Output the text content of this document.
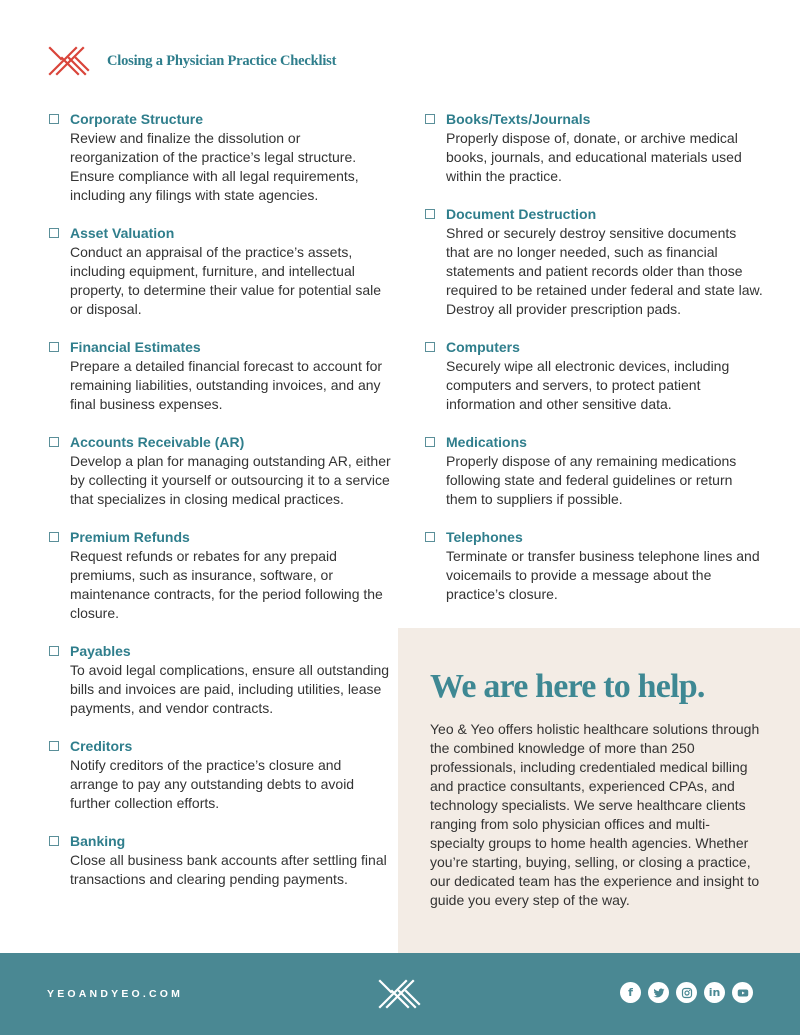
Closing a Physician Practice Checklist
Corporate Structure
Review and finalize the dissolution or reorganization of the practice’s legal structure. Ensure compliance with all legal requirements, including any filings with state agencies.
Asset Valuation
Conduct an appraisal of the practice’s assets, including equipment, furniture, and intellectual property, to determine their value for potential sale or disposal.
Financial Estimates
Prepare a detailed financial forecast to account for remaining liabilities, outstanding invoices, and any final business expenses.
Accounts Receivable (AR)
Develop a plan for managing outstanding AR, either by collecting it yourself or outsourcing it to a service that specializes in closing medical practices.
Premium Refunds
Request refunds or rebates for any prepaid premiums, such as insurance, software, or maintenance contracts, for the period following the closure.
Payables
To avoid legal complications, ensure all outstanding bills and invoices are paid, including utilities, lease payments, and vendor contracts.
Creditors
Notify creditors of the practice’s closure and arrange to pay any outstanding debts to avoid further collection efforts.
Banking
Close all business bank accounts after settling final transactions and clearing pending payments.
Books/Texts/Journals
Properly dispose of, donate, or archive medical books, journals, and educational materials used within the practice.
Document Destruction
Shred or securely destroy sensitive documents that are no longer needed, such as financial statements and patient records older than those required to be retained under federal and state law. Destroy all provider prescription pads.
Computers
Securely wipe all electronic devices, including computers and servers, to protect patient information and other sensitive data.
Medications
Properly dispose of any remaining medications following state and federal guidelines or return them to suppliers if possible.
Telephones
Terminate or transfer business telephone lines and voicemails to provide a message about the practice’s closure.
We are here to help.
Yeo & Yeo offers holistic healthcare solutions through the combined knowledge of more than 250 professionals, including credentialed medical billing and practice consultants, experienced CPAs, and technology specialists. We serve healthcare clients ranging from solo physician offices and multi-specialty groups to home health agencies. Whether you’re starting, buying, selling, or closing a practice, our dedicated team has the experience and insight to guide you every step of the way.
YEOANDYEO.COM	f	in
